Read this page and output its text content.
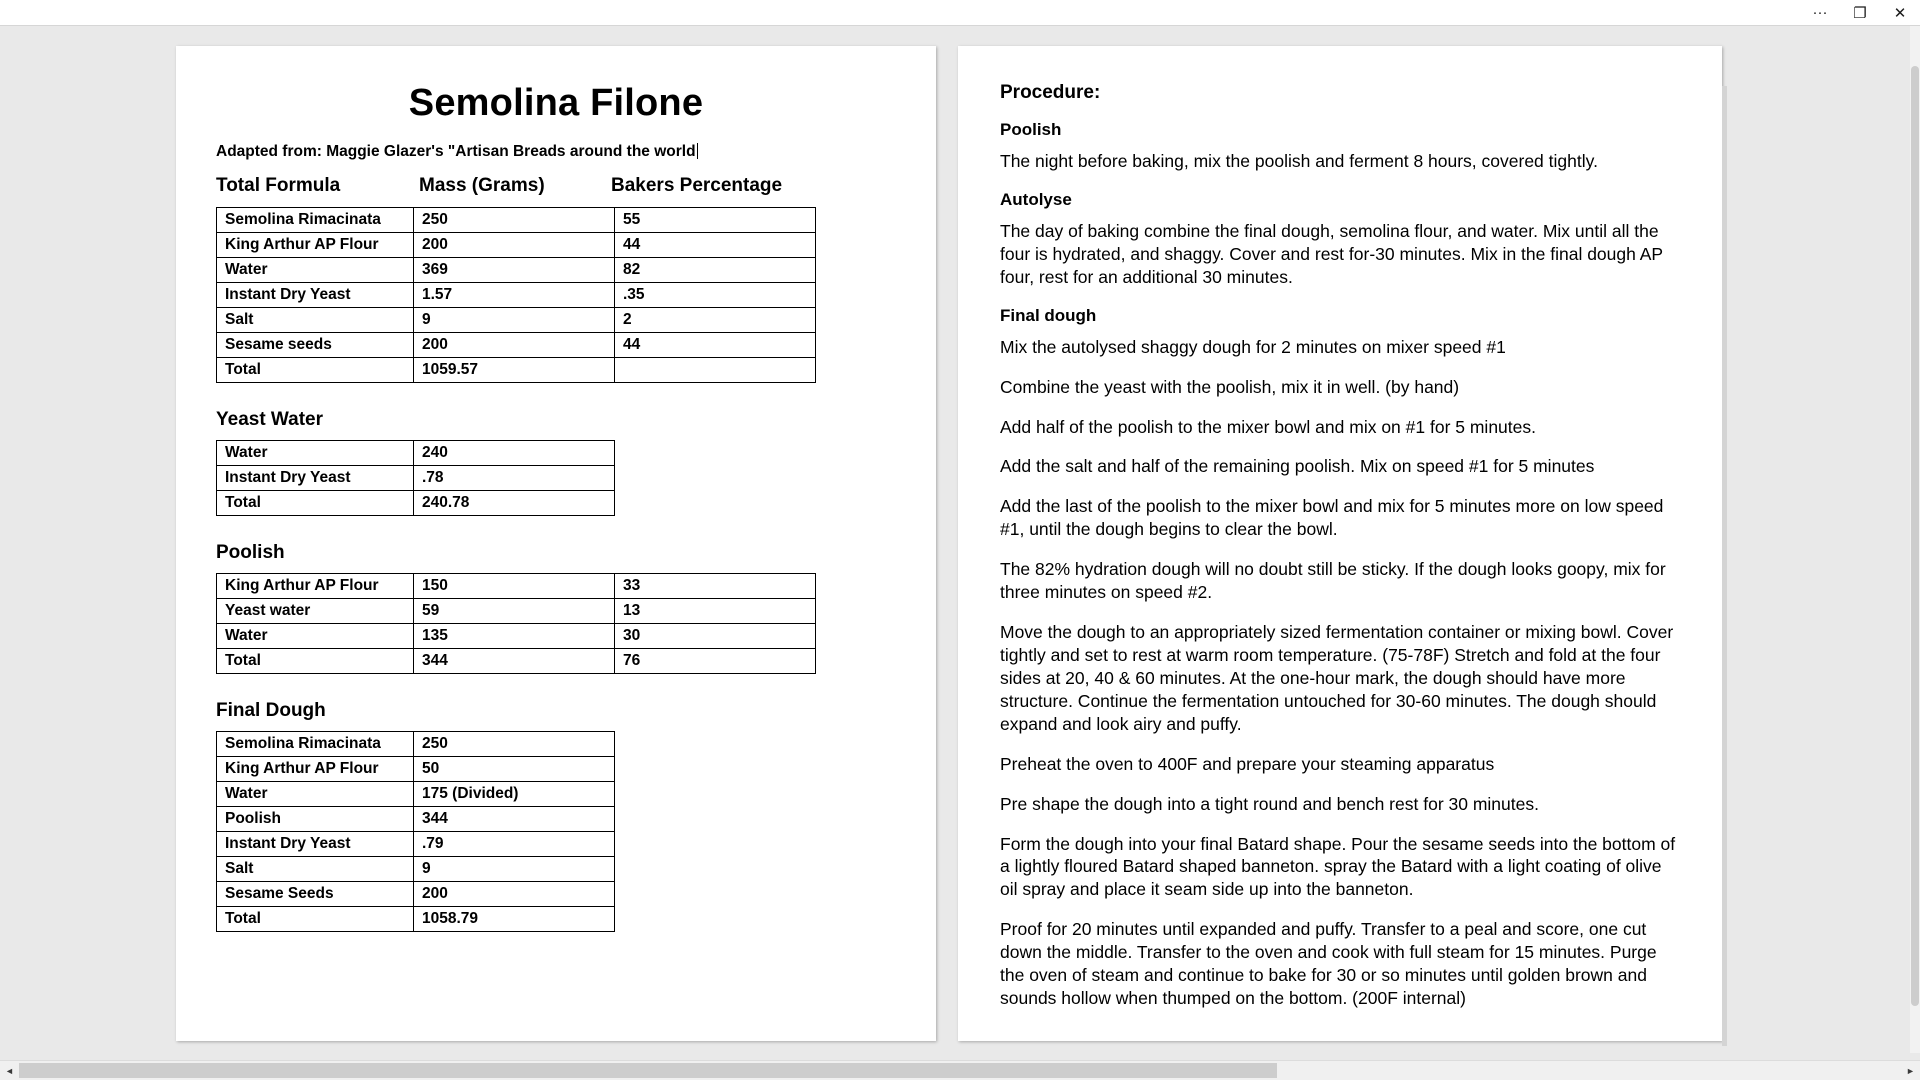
···	❐	✕
Semolina Filone
Adapted from: Maggie Glazer's "Artisan Breads around the world
Total Formula	Mass (Grams)	Bakers Percentage
Semolina Rimacinata	250	55
King Arthur AP Flour	200	44
Water	369	82
Instant Dry Yeast	1.57	.35
Salt	9	2
Sesame seeds	200	44
Total	1059.57	
Yeast Water
Water	240
Instant Dry Yeast	.78
Total	240.78
Poolish
King Arthur AP Flour	150	33
Yeast water	59	13
Water	135	30
Total	344	76
Final Dough
Semolina Rimacinata	250
King Arthur AP Flour	50
Water	175 (Divided)
Poolish	344
Instant Dry Yeast	.79
Salt	9
Sesame Seeds	200
Total	1058.79
Procedure:
Poolish
The night before baking, mix the poolish and ferment 8 hours, covered tightly.
Autolyse
The day of baking combine the final dough, semolina flour, and water. Mix until all the four is hydrated, and shaggy. Cover and rest for-30 minutes. Mix in the final dough AP four, rest for an additional 30 minutes.
Final dough
Mix the autolysed shaggy dough for 2 minutes on mixer speed #1
Combine the yeast with the poolish, mix it in well. (by hand)
Add half of the poolish to the mixer bowl and mix on #1 for 5 minutes.
Add the salt and half of the remaining poolish. Mix on speed #1 for 5 minutes
Add the last of the poolish to the mixer bowl and mix for 5 minutes more on low speed #1, until the dough begins to clear the bowl.
The 82% hydration dough will no doubt still be sticky. If the dough looks goopy, mix for three minutes on speed #2.
Move the dough to an appropriately sized fermentation container or mixing bowl. Cover tightly and set to rest at warm room temperature. (75-78F) Stretch and fold at the four sides at 20, 40 & 60 minutes. At the one-hour mark, the dough should have more structure. Continue the fermentation untouched for 30-60 minutes. The dough should expand and look airy and puffy.
Preheat the oven to 400F and prepare your steaming apparatus
Pre shape the dough into a tight round and bench rest for 30 minutes.
Form the dough into your final Batard shape. Pour the sesame seeds into the bottom of a lightly floured Batard shaped banneton. spray the Batard with a light coating of olive oil spray and place it seam side up into the banneton.
Proof for 20 minutes until expanded and puffy. Transfer to a peal and score, one cut down the middle. Transfer to the oven and cook with full steam for 15 minutes. Purge the oven of steam and continue to bake for 30 or so minutes until golden brown and sounds hollow when thumped on the bottom. (200F internal)
◄	►
